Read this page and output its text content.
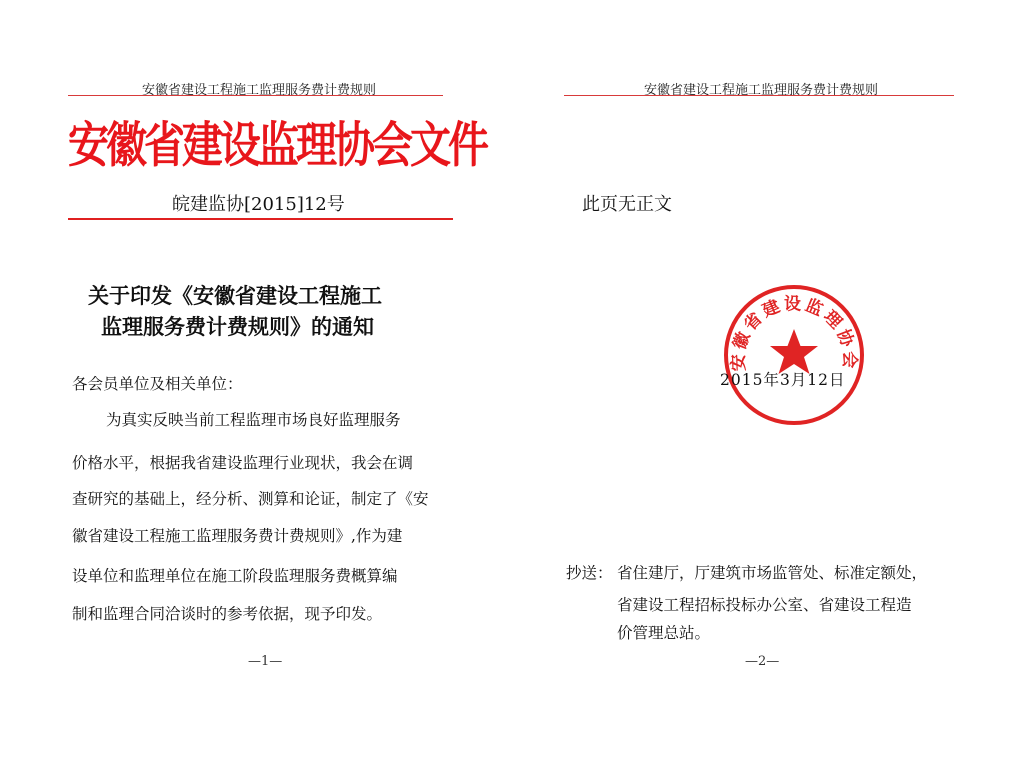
安徽省建设工程施工监理服务费计费规则
安徽省建设监理协会文件
皖建监协[2015]12号
关于印发《安徽省建设工程施工
监理服务费计费规则》的通知
各会员单位及相关单位：
为真实反映当前工程监理市场良好监理服务
价格水平，根据我省建设监理行业现状，我会在调
查研究的基础上，经分析、测算和论证，制定了《安
徽省建设工程施工监理服务费计费规则》,作为建
设单位和监理单位在施工阶段监理服务费概算编
制和监理合同洽谈时的参考依据，现予印发。
—1—
安徽省建设工程施工监理服务费计费规则
此页无正文
安徽省建设监理协会
2015年3月12日
抄送： 省住建厅，厅建筑市场监管处、标准定额处，
省建设工程招标投标办公室、省建设工程造
价管理总站。
—2—
